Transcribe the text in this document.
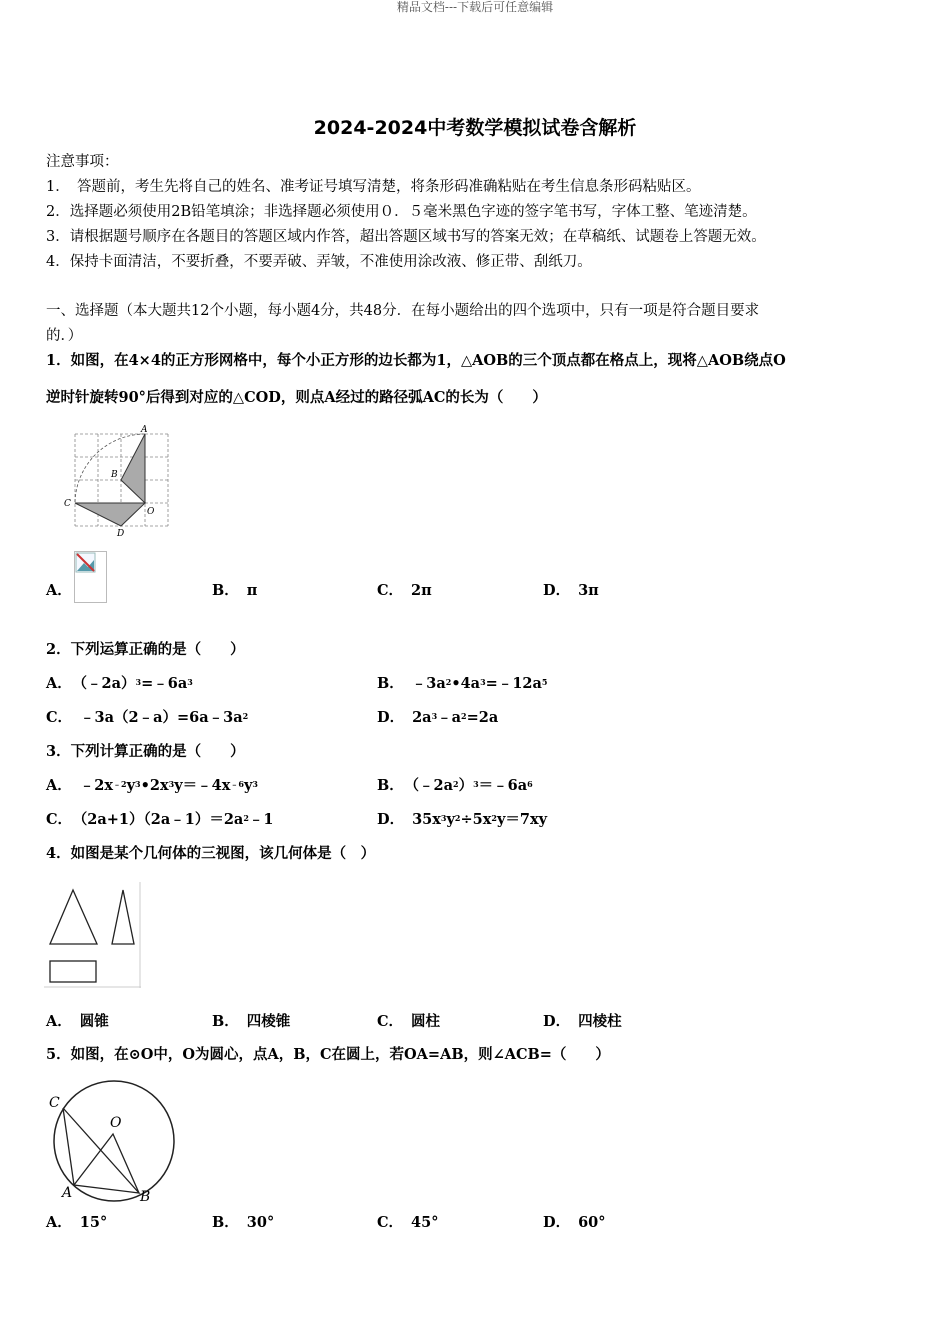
精品文档---下载后可任意编辑
2024-2024中考数学模拟试卷含解析
注意事项：
1．　答题前，考生先将自己的姓名、准考证号填写清楚，将条形码准确粘贴在考生信息条形码粘贴区。
2．选择题必须使用2B铅笔填涂；非选择题必须使用０．５毫米黑色字迹的签字笔书写，字体工整、笔迹清楚。
3．请根据题号顺序在各题目的答题区域内作答，超出答题区域书写的答案无效；在草稿纸、试题卷上答题无效。
4．保持卡面清洁，不要折叠，不要弄破、弄皱，不准使用涂改液、修正带、刮纸刀。
一、选择题（本大题共12个小题，每小题4分，共48分．在每小题给出的四个选项中，只有一项是符合题目要求
的．）
1．如图，在4×4的正方形网格中，每个小正方形的边长都为1，△AOB的三个顶点都在格点上，现将△AOB绕点O
逆时针旋转90°后得到对应的△COD，则点A经过的路径弧AC的长为（　　）
A
B
C
O
D
A．	B． π	C． 2π	D． 3π
2．下列运算正确的是（　　）
A． $(﹣2a)^3=﹣6a^3$	B． $﹣3a^2•4a^3=﹣12a^5$
C． $﹣3a(2﹣a)=6a﹣3a^2$	D． $2a^3﹣a^2=2a$
3．下列计算正确的是（　　）
A． $﹣2x^{﹣2}y^3•2x^3y=﹣4x^{﹣6}y^3$	B． $(﹣2a^2)^3=﹣6a^6$
C． $(2a+1)(2a﹣1)=2a^2﹣1$	D． $35x^3y^2\div 5x^2y=7xy$
4．如图是某个几何体的三视图，该几何体是（　）
A． 圆锥	B． 四棱锥	C． 圆柱	D． 四棱柱
5．如图，在⊙O中，O为圆心，点A，B，C在圆上，若OA=AB，则∠ACB=（　　）
C
O
A	B
A． 15°	B． 30°	C． 45°	D． 60°
